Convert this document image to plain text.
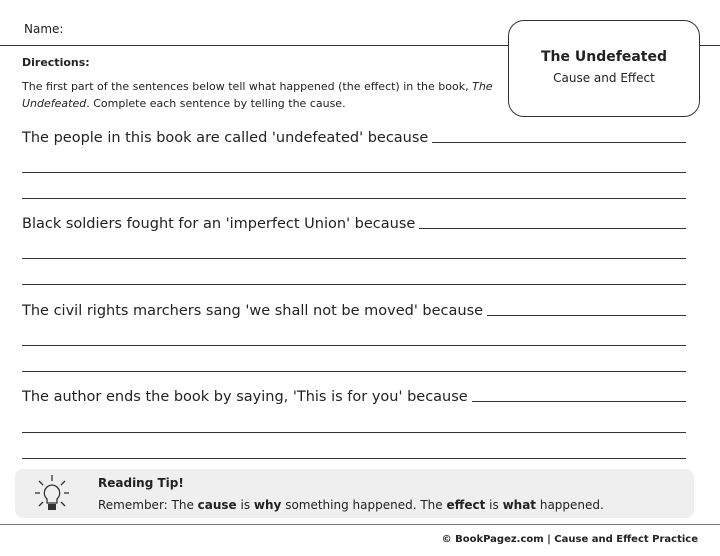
Name:
The Undefeated
Cause and Effect
Directions:
The first part of the sentences below tell what happened (the effect) in the book, The Undefeated. Complete each sentence by telling the cause.
The people in this book are called 'undefeated' because
Black soldiers fought for an 'imperfect Union' because
The civil rights marchers sang 'we shall not be moved' because
The author ends the book by saying, 'This is for you' because
Reading Tip!
Remember: The cause is why something happened. The effect is what happened.
© BookPagez.com | Cause and Effect Practice
